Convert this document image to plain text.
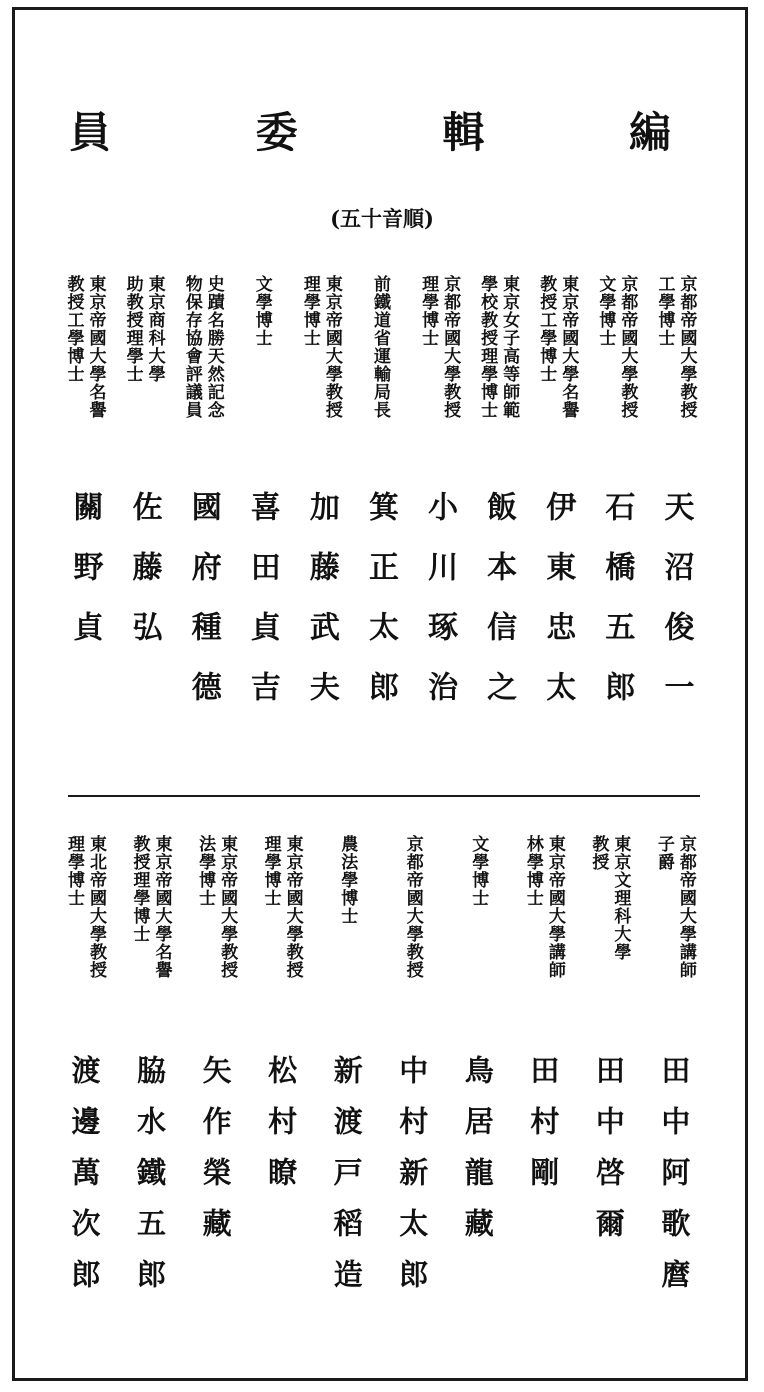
編
輯
委
員
(五十音順)
京都帝國大學教授
工學博士
天沼俊一
京都帝國大學教授
文學博士
石橋五郎
東京帝國大學名譽
教授工學博士
伊東忠太
東京女子高等師範
學校教授理學博士
飯本信之
京都帝國大學教授
理學博士
小川琢治
前鐵道省運輸局長
箕正太郎
東京帝國大學教授
理學博士
加藤武夫
文學博士
喜田貞吉
史蹟名勝天然記念
物保存協會評議員
國府種德
東京商科大學
助教授理學士
佐藤弘
東京帝國大學名譽
教授工學博士
關野貞
京都帝國大學講師
子爵
田中阿歌麿
東京文理科大學
教授
田中啓爾
東京帝國大學講師
林學博士
田村剛
文學博士
鳥居龍藏
京都帝國大學教授
中村新太郎
農法學博士
新渡戸稻造
東京帝國大學教授
理學博士
松村瞭
東京帝國大學教授
法學博士
矢作榮藏
東京帝國大學名譽
教授理學博士
脇水鐵五郎
東北帝國大學教授
理學博士
渡邊萬次郎
